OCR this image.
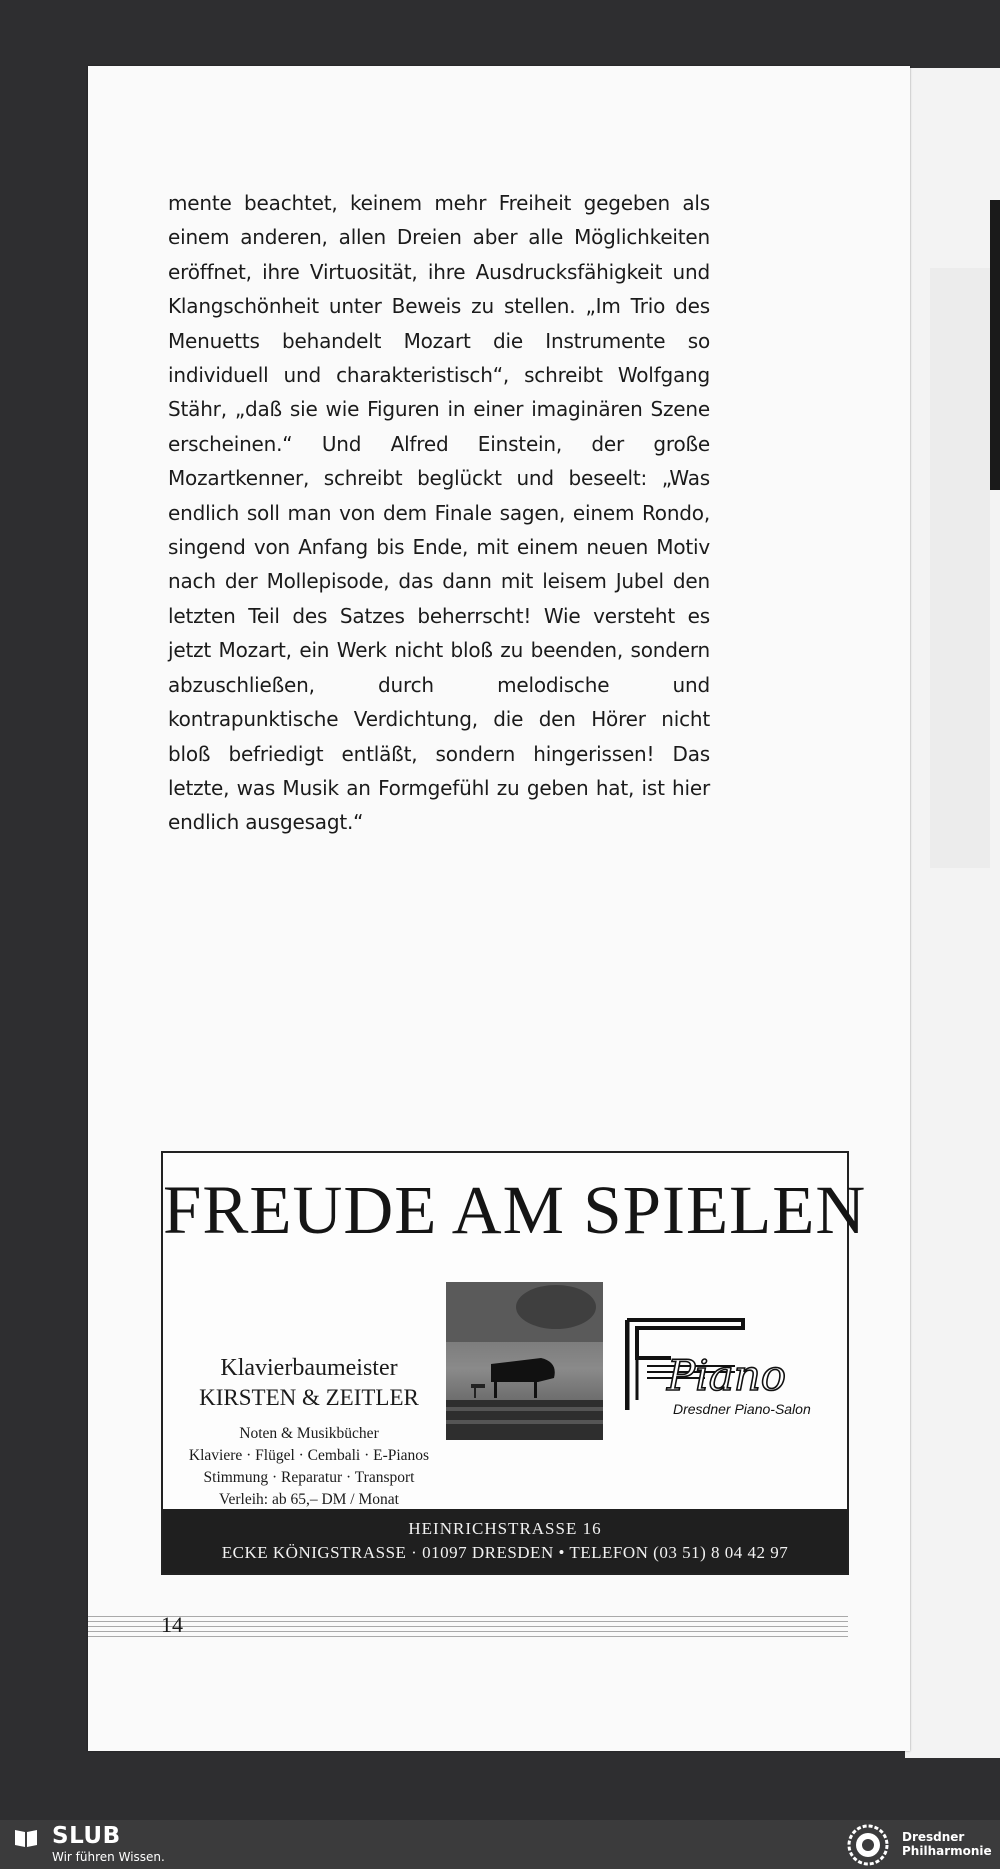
mente beachtet, keinem mehr Freiheit gegeben als einem anderen, allen Dreien aber alle Möglichkeiten eröffnet, ihre Virtuosität, ihre Ausdrucksfähigkeit und Klangschönheit unter Beweis zu stellen. „Im Trio des Menuetts behandelt Mozart die Instrumente so individuell und charakteristisch“, schreibt Wolfgang Stähr, „daß sie wie Figuren in einer imaginären Szene erscheinen.“ Und Alfred Einstein, der große Mozartkenner, schreibt beglückt und beseelt: „Was endlich soll man von dem Finale sagen, einem Rondo, singend von Anfang bis Ende, mit einem neuen Motiv nach der Mollepisode, das dann mit leisem Jubel den letzten Teil des Satzes beherrscht! Wie versteht es jetzt Mozart, ein Werk nicht bloß zu beenden, sondern abzuschließen, durch melodische und kontrapunktische Verdichtung, die den Hörer nicht bloß befriedigt entläßt, sondern hingerissen! Das letzte, was Musik an Formgefühl zu geben hat, ist hier endlich ausgesagt.“

FREUDE AM SPIELEN
Klavierbaumeister
KIRSTEN & ZEITLER
Noten & Musikbücher
Klaviere · Flügel · Cembali · E-Pianos
Stimmung · Reparatur · Transport
Verleih: ab 65,– DM / Monat
Piano
Dresdner Piano-Salon
HEINRICHSTRASSE 16
ECKE KÖNIGSTRASSE · 01097 DRESDEN • TELEFON (03 51) 8 04 42 97
14
SLUB
Wir führen Wissen.
Dresdner
Philharmonie
